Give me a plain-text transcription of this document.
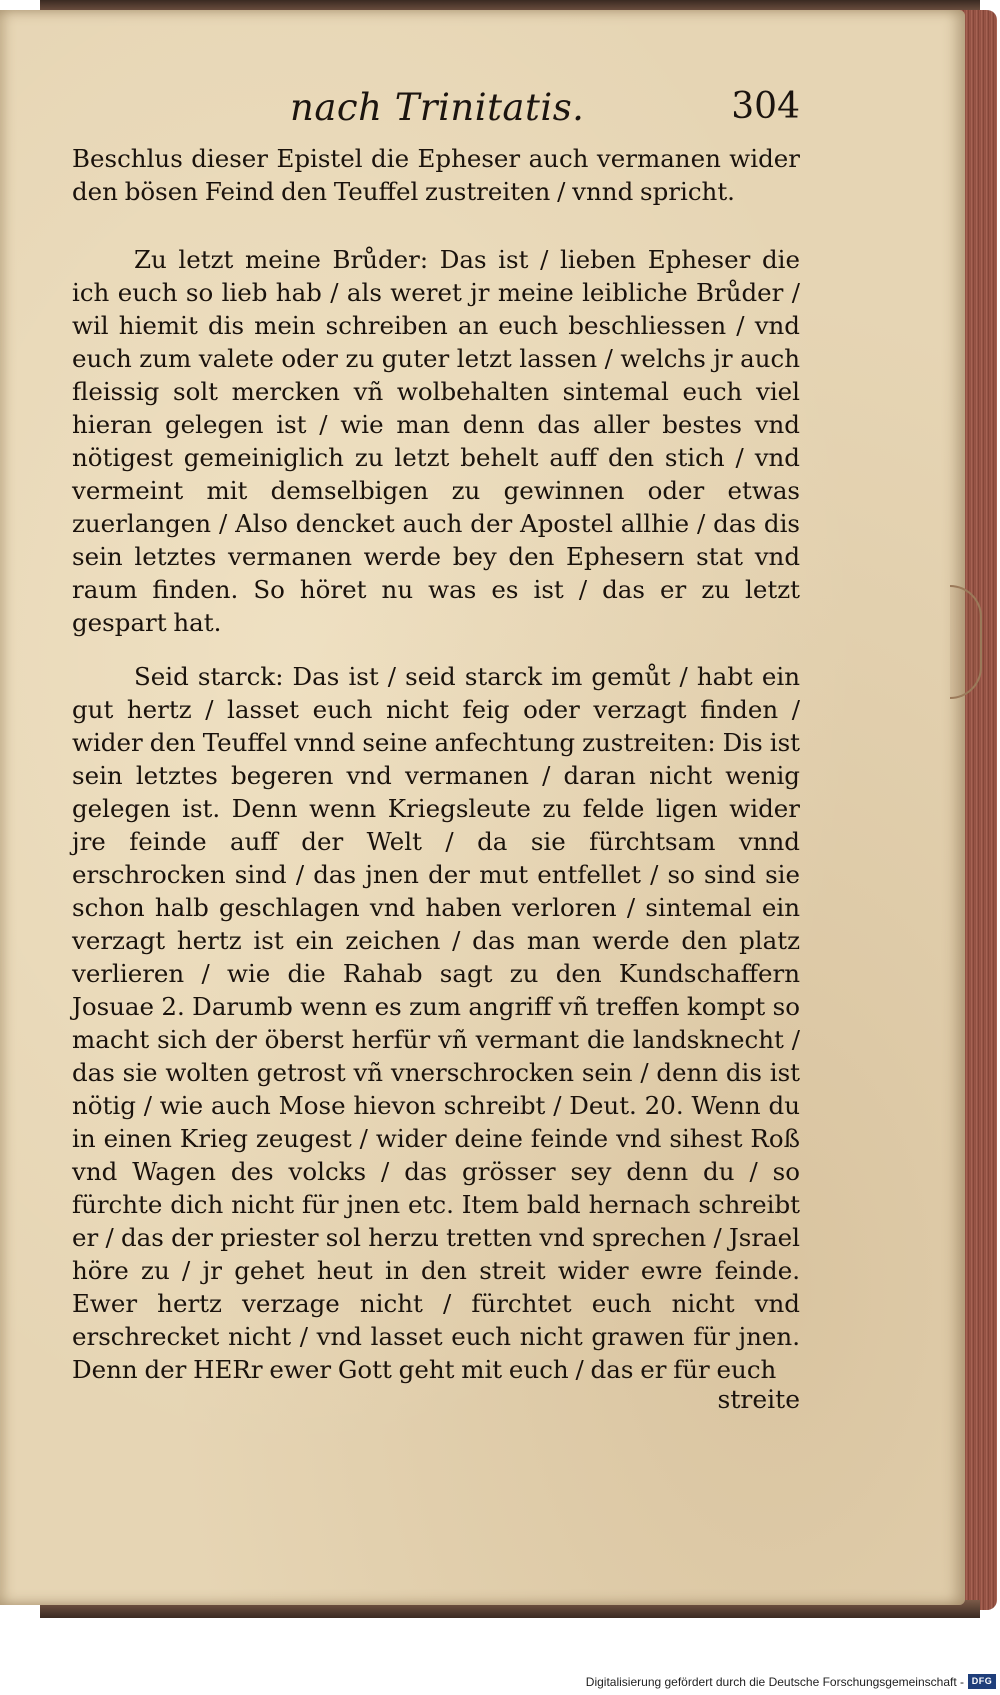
nach Trinitatis.	304

Beschlus dieser Epistel die Epheser auch vermanen wider den bösen Feind den Teuffel zustreiten / vnnd spricht.

Zu letzt meine Brůder: Das ist / lieben Epheser die ich euch so lieb hab / als weret jr meine leibliche Brůder / wil hiemit dis mein schreiben an euch beschliessen / vnd euch zum valete oder zu guter letzt lassen / welchs jr auch fleissig solt mercken vñ wolbehalten sintemal euch viel hieran gelegen ist / wie man denn das aller bestes vnd nötigest gemeiniglich zu letzt behelt auff den stich / vnd vermeint mit demselbigen zu gewinnen oder etwas zuerlangen / Also dencket auch der Apostel allhie / das dis sein letztes vermanen werde bey den Ephesern stat vnd raum finden. So höret nu was es ist / das er zu letzt gespart hat.

Seid starck: Das ist / seid starck im gemůt / habt ein gut hertz / lasset euch nicht feig oder verzagt finden / wider den Teuffel vnnd seine anfechtung zustreiten: Dis ist sein letztes begeren vnd vermanen / daran nicht wenig gelegen ist. Denn wenn Kriegsleute zu felde ligen wider jre feinde auff der Welt / da sie fürchtsam vnnd erschrocken sind / das jnen der mut entfellet / so sind sie schon halb geschlagen vnd haben verloren / sintemal ein verzagt hertz ist ein zeichen / das man werde den platz verlieren / wie die Rahab sagt zu den Kundschaffern Josuae 2. Darumb wenn es zum angriff vñ treffen kompt so macht sich der öberst herfür vñ vermant die landsknecht / das sie wolten getrost vñ vnerschrocken sein / denn dis ist nötig / wie auch Mose hievon schreibt / Deut. 20. Wenn du in einen Krieg zeugest / wider deine feinde vnd sihest Roß vnd Wagen des volcks / das grösser sey denn du / so fürchte dich nicht für jnen etc. Item bald hernach schreibt er / das der priester sol herzu tretten vnd sprechen / Jsrael höre zu / jr gehet heut in den streit wider ewre feinde. Ewer hertz verzage nicht / fürchtet euch nicht vnd erschrecket nicht / vnd lasset euch nicht grawen für jnen. Denn der HERr ewer Gott geht mit euch / das er für euch

streite
Digitalisierung gefördert durch die Deutsche Forschungsgemeinschaft - DFG
